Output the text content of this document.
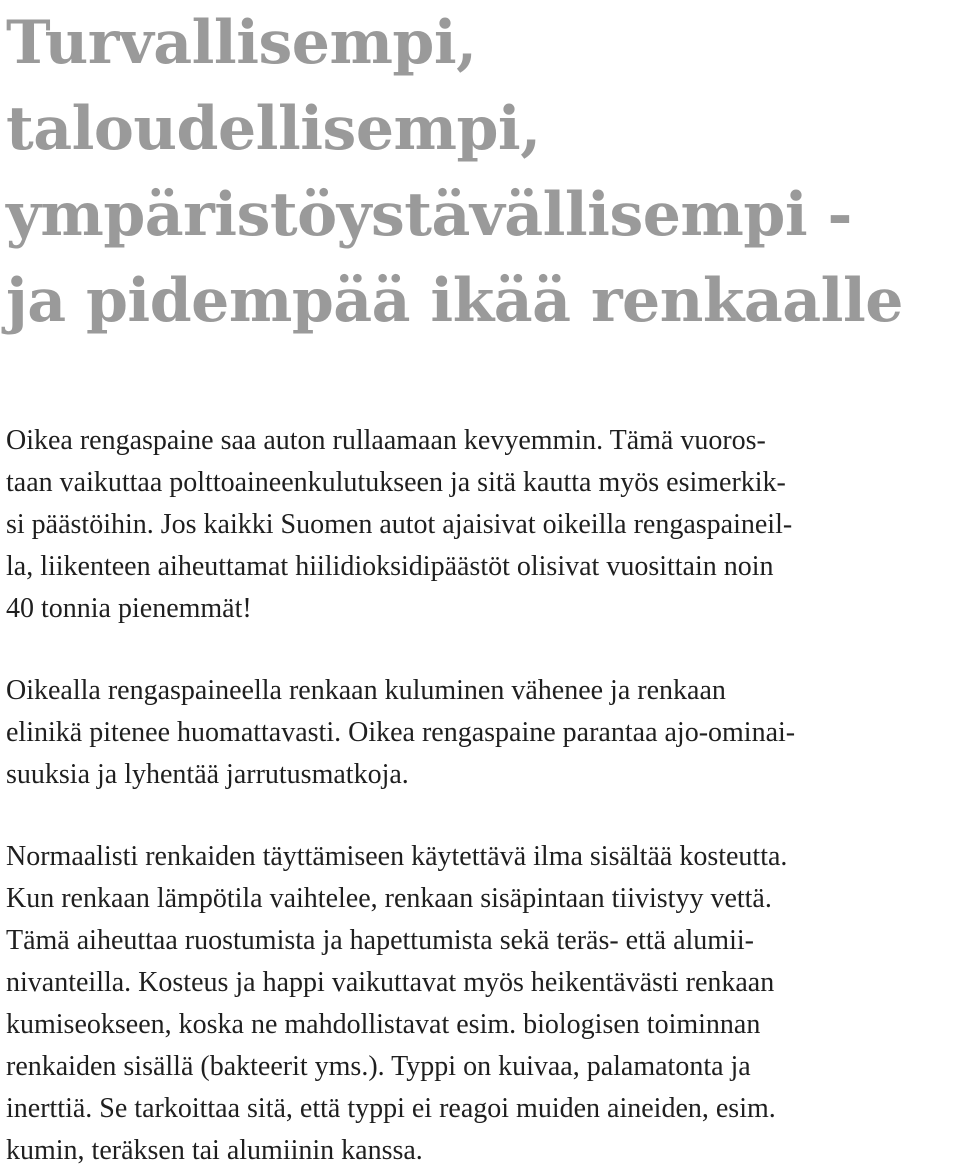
Turvallisempi,
taloudellisempi,
ympäristöystävällisempi -
ja pidempää ikää renkaalle

Oikea rengaspaine saa auton rullaamaan kevyemmin. Tämä vuoros-
taan vaikuttaa polttoaineenkulutukseen ja sitä kautta myös esimerkik-
si päästöihin. Jos kaikki Suomen autot ajaisivat oikeilla rengaspaineil-
la, liikenteen aiheuttamat hiilidioksidipäästöt olisivat vuosittain noin
40 tonnia pienemmät!

Oikealla rengaspaineella renkaan kuluminen vähenee ja renkaan
elinikä pitenee huomattavasti. Oikea rengaspaine parantaa ajo-ominai-
suuksia ja lyhentää jarrutusmatkoja.

Normaalisti renkaiden täyttämiseen käytettävä ilma sisältää kosteutta.
Kun renkaan lämpötila vaihtelee, renkaan sisäpintaan tiivistyy vettä.
Tämä aiheuttaa ruostumista ja hapettumista sekä teräs- että alumii-
nivanteilla. Kosteus ja happi vaikuttavat myös heikentävästi renkaan
kumiseokseen, koska ne mahdollistavat esim. biologisen toiminnan
renkaiden sisällä (bakteerit yms.). Typpi on kuivaa, palamatonta ja
inerttiä. Se tarkoittaa sitä, että typpi ei reagoi muiden aineiden, esim.
kumin, teräksen tai alumiinin kanssa.
